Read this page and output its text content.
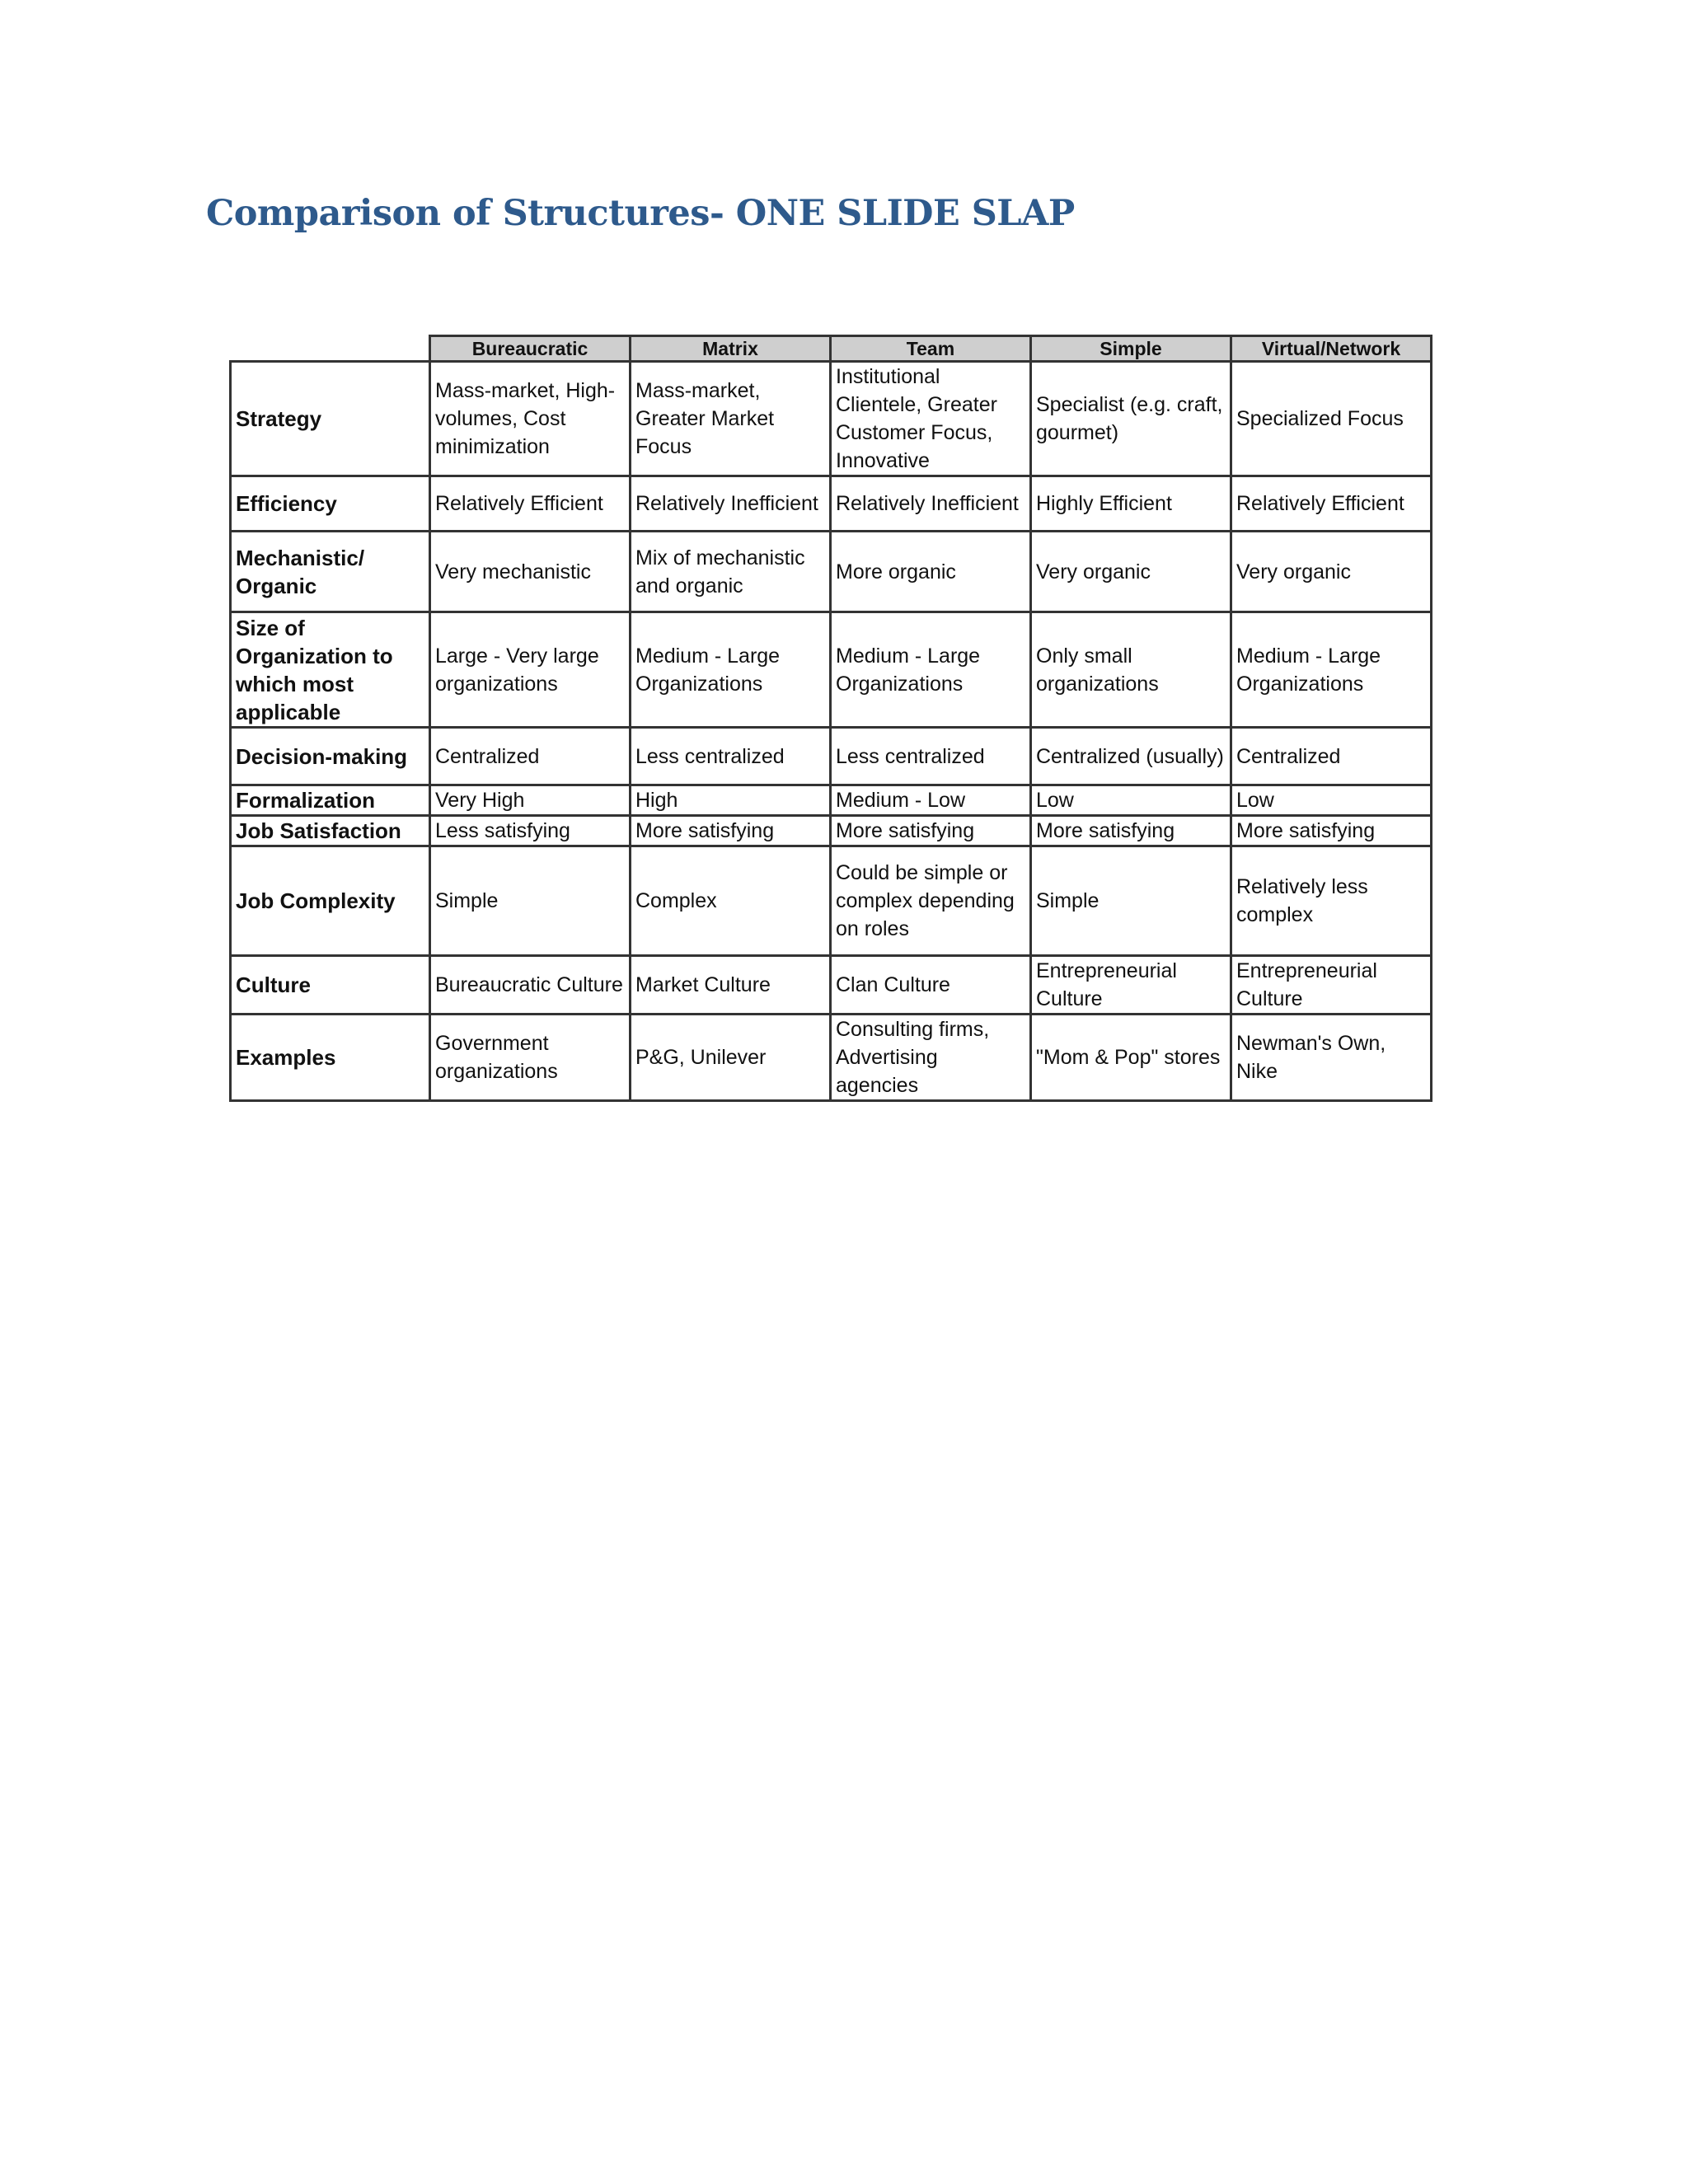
Comparison of Structures- ONE SLIDE SLAP
	Bureaucratic	Matrix	Team	Simple	Virtual/Network
Strategy	Mass-market, High-volumes, Cost minimization	Mass-market, Greater Market Focus	Institutional Clientele, Greater Customer Focus, Innovative	Specialist (e.g. craft, gourmet)	Specialized Focus
Efficiency	Relatively Efficient	Relatively Inefficient	Relatively Inefficient	Highly Efficient	Relatively Efficient
Mechanistic/ Organic	Very mechanistic	Mix of mechanistic and organic	More organic	Very organic	Very organic
Size of Organization to which most applicable	Large - Very large organizations	Medium - Large Organizations	Medium - Large Organizations	Only small organizations	Medium - Large Organizations
Decision-making	Centralized	Less centralized	Less centralized	Centralized (usually)	Centralized
Formalization	Very High	High	Medium - Low	Low	Low
Job Satisfaction	Less satisfying	More satisfying	More satisfying	More satisfying	More satisfying
Job Complexity	Simple	Complex	Could be simple or complex depending on roles	Simple	Relatively less complex
Culture	Bureaucratic Culture	Market Culture	Clan Culture	Entrepreneurial Culture	Entrepreneurial Culture
Examples	Government organizations	P&G, Unilever	Consulting firms, Advertising agencies	"Mom & Pop" stores	Newman's Own, Nike
